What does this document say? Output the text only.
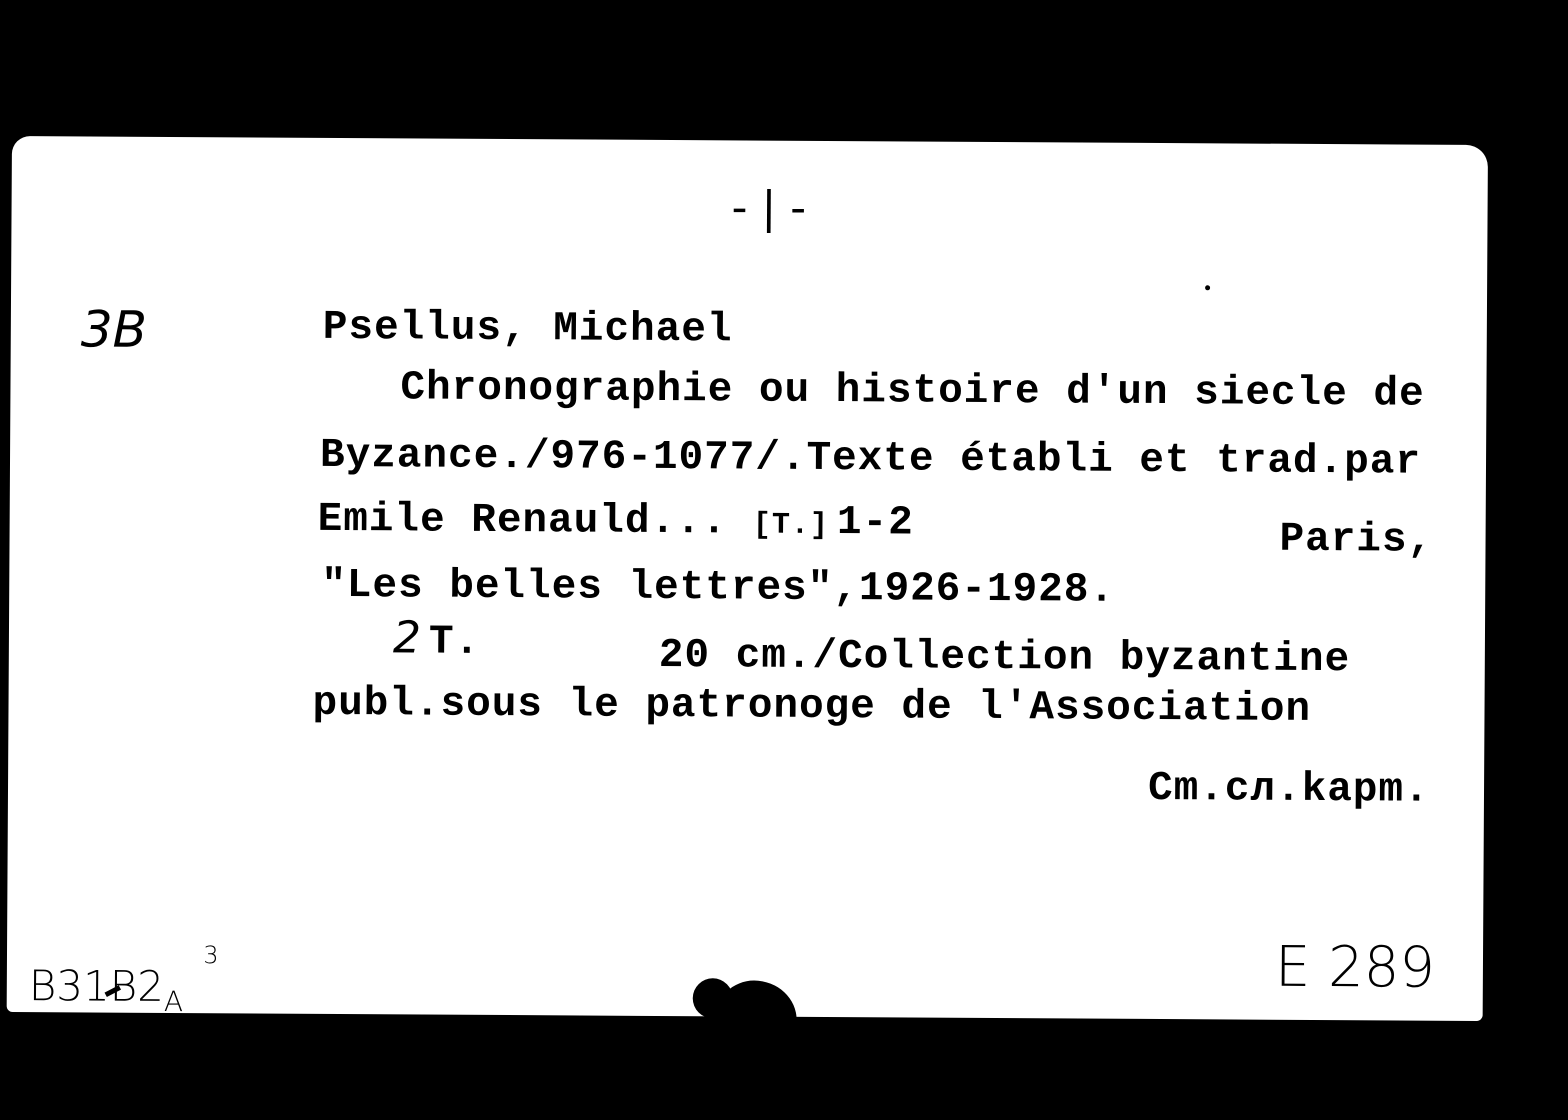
- | -
3B	Psellus, Michael
Chronographie ou histoire d'un siecle de
Byzance./976-1077/.Texte établi et trad.par
Emile Renauld... [T.] 1-2	Paris,
"Les belles lettres",1926-1928.
2 T.	20 cm./Collection byzantine
publ.sous le patronoge de l'Association
Cm.cл.kapm.
$B31B2_A^3$	E 289
